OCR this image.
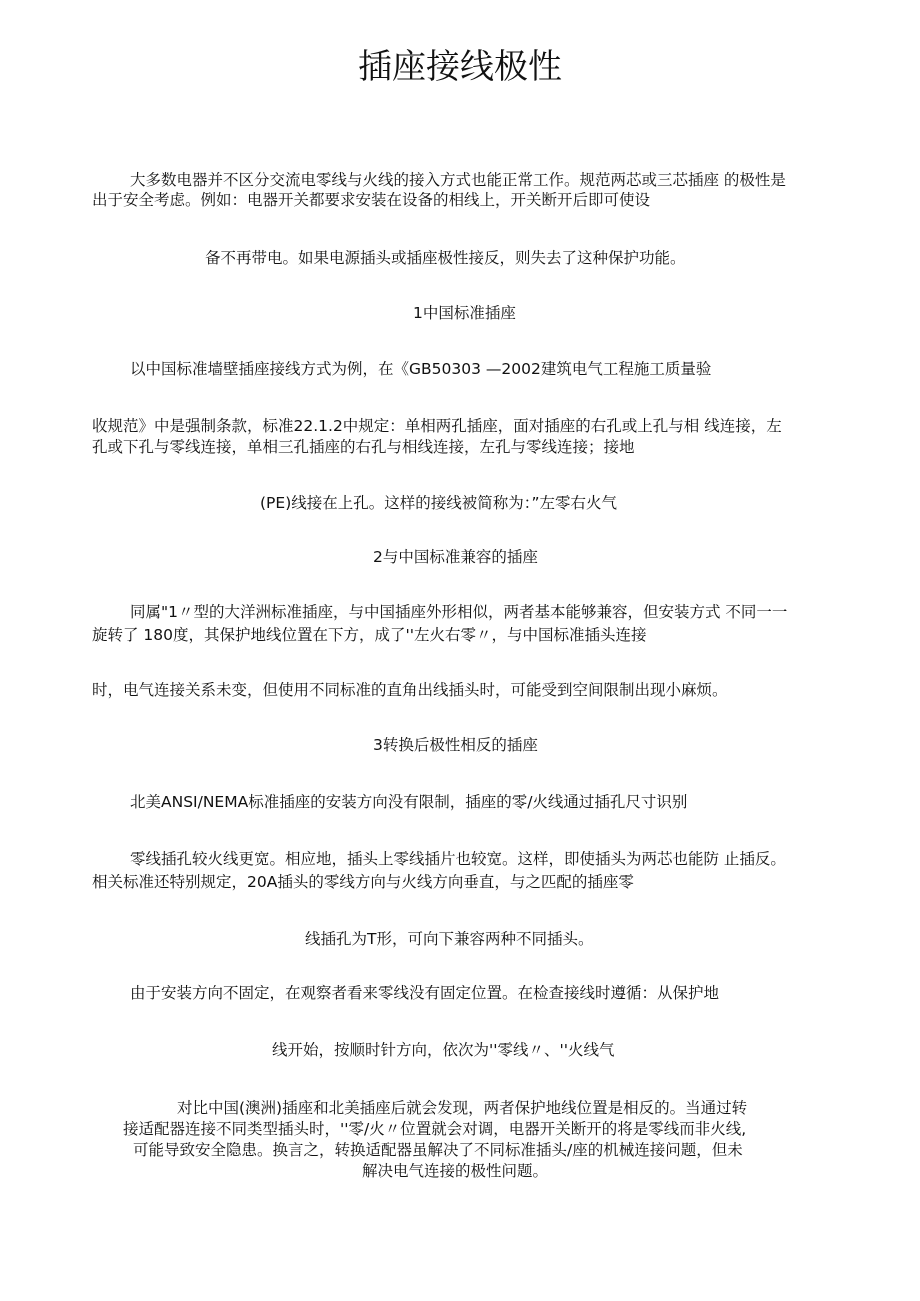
插座接线极性
大多数电器并不区分交流电零线与火线的接入方式也能正常工作。规范两芯或三芯插座 的极性是
出于安全考虑。例如：电器开关都要求安装在设备的相线上，开关断开后即可使设
备不再带电。如果电源插头或插座极性接反，则失去了这种保护功能。
1中国标准插座
以中国标准墙壁插座接线方式为例，在《GB50303 —2002建筑电气工程施工质量验
收规范》中是强制条款，标准22.1.2中规定：单相两孔插座，面对插座的右孔或上孔与相 线连接，左
孔或下孔与零线连接，单相三孔插座的右孔与相线连接，左孔与零线连接；接地
(PE)线接在上孔。这样的接线被简称为：”左零右火气
2与中国标准兼容的插座
同属"1〃型的大洋洲标准插座，与中国插座外形相似，两者基本能够兼容，但安装方式 不同一一
旋转了 180度，其保护地线位置在下方，成了''左火右零〃，与中国标准插头连接
时，电气连接关系未变，但使用不同标准的直角出线插头时，可能受到空间限制出现小麻烦。
3转换后极性相反的插座
北美ANSI/NEMA标准插座的安装方向没有限制，插座的零/火线通过插孔尺寸识别
零线插孔较火线更宽。相应地，插头上零线插片也较宽。这样，即使插头为两芯也能防 止插反。
相关标准还特别规定，20A插头的零线方向与火线方向垂直，与之匹配的插座零
线插孔为T形，可向下兼容两种不同插头。
由于安装方向不固定，在观察者看来零线没有固定位置。在检查接线时遵循：从保护地
线开始，按顺时针方向，依次为''零线〃、''火线气
对比中国(澳洲)插座和北美插座后就会发现，两者保护地线位置是相反的。当通过转
接适配器连接不同类型插头时，''零/火〃位置就会对调，电器开关断开的将是零线而非火线,
可能导致安全隐患。换言之，转换适配器虽解决了不同标准插头/座的机械连接问题，但未
解决电气连接的极性问题。
